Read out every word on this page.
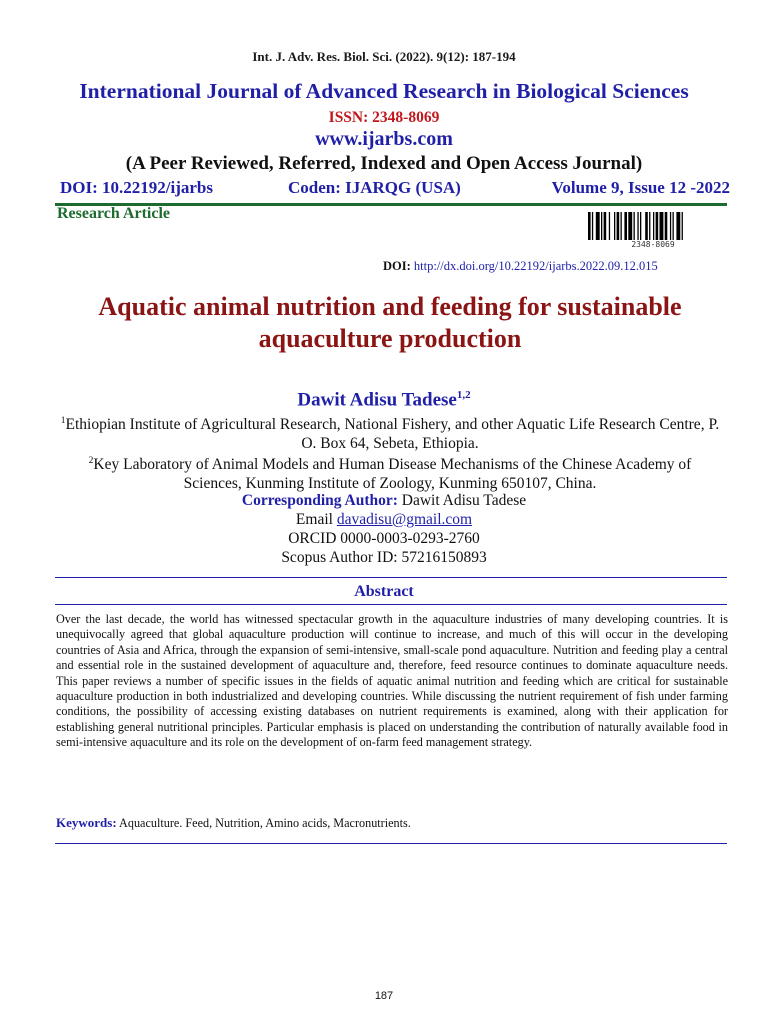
Int. J. Adv. Res. Biol. Sci. (2022). 9(12): 187-194
International Journal of Advanced Research in Biological Sciences
ISSN: 2348-8069
www.ijarbs.com
(A Peer Reviewed, Referred, Indexed and Open Access Journal)
DOI: 10.22192/ijarbs	Coden: IJARQG (USA)	Volume 9, Issue 12 -2022
Research Article
2348-8069
DOI: http://dx.doi.org/10.22192/ijarbs.2022.09.12.015
Aquatic animal nutrition and feeding for sustainable aquaculture production
Dawit Adisu Tadese$^{1,2}$
$^1$Ethiopian Institute of Agricultural Research, National Fishery, and other Aquatic Life Research Centre, P. O. Box 64, Sebeta, Ethiopia.
$^2$Key Laboratory of Animal Models and Human Disease Mechanisms of the Chinese Academy of Sciences, Kunming Institute of Zoology, Kunming 650107, China.
Corresponding Author: Dawit Adisu Tadese
Email davadisu@gmail.com
ORCID 0000-0003-0293-2760
Scopus Author ID: 57216150893
Abstract
Over the last decade, the world has witnessed spectacular growth in the aquaculture industries of many developing countries. It is unequivocally agreed that global aquaculture production will continue to increase, and much of this will occur in the developing countries of Asia and Africa, through the expansion of semi-intensive, small-scale pond aquaculture. Nutrition and feeding play a central and essential role in the sustained development of aquaculture and, therefore, feed resource continues to dominate aquaculture needs. This paper reviews a number of specific issues in the fields of aquatic animal nutrition and feeding which are critical for sustainable aquaculture production in both industrialized and developing countries. While discussing the nutrient requirement of fish under farming conditions, the possibility of accessing existing databases on nutrient requirements is examined, along with their application for establishing general nutritional principles. Particular emphasis is placed on understanding the contribution of naturally available food in semi-intensive aquaculture and its role on the development of on-farm feed management strategy.
Keywords: Aquaculture. Feed, Nutrition, Amino acids, Macronutrients.
187
